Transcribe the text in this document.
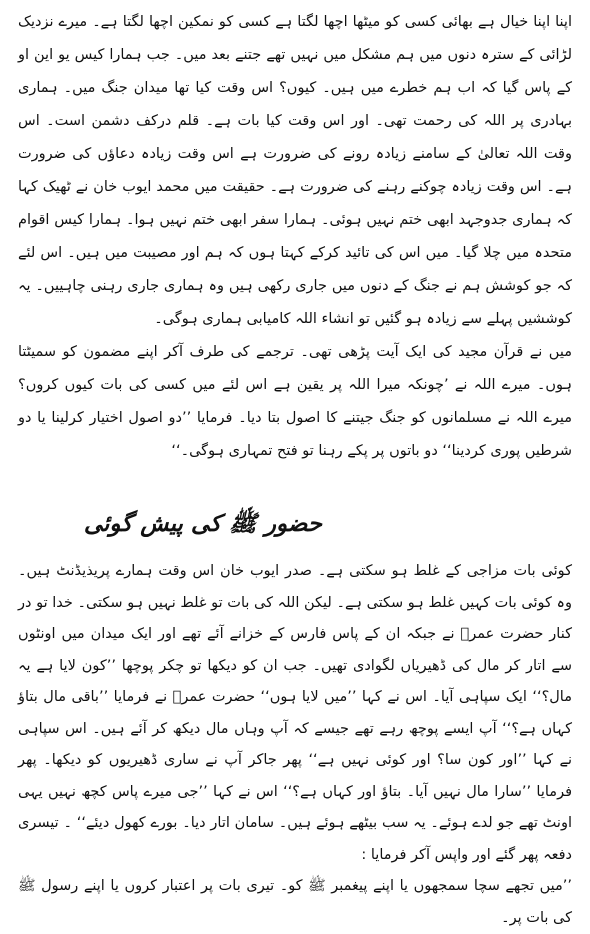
اپنا اپنا خیال ہے بھائی کسی کو میٹھا اچھا لگتا ہے کسی کو نمکین اچھا لگتا ہے۔ میرے نزدیک لڑائی کے سترہ دنوں میں ہم مشکل میں نہیں تھے جتنے بعد میں۔ جب ہمارا کیس یو این او کے پاس گیا کہ اب ہم خطرے میں ہیں۔ کیوں؟ اس وقت کیا تھا میدان جنگ میں۔ ہماری بہادری پر اللہ کی رحمت تھی۔ اور اس وقت کیا بات ہے۔ قلم درکف دشمن است۔ اس وقت اللہ تعالیٰ کے سامنے زیادہ رونے کی ضرورت ہے اس وقت زیادہ دعاؤں کی ضرورت ہے۔ اس وقت زیادہ چوکنے رہنے کی ضرورت ہے۔ حقیقت میں محمد ایوب خان نے ٹھیک کہا کہ ہماری جدوجہد ابھی ختم نہیں ہوئی۔ ہمارا سفر ابھی ختم نہیں ہوا۔ ہمارا کیس اقوام متحدہ میں چلا گیا۔ میں اس کی تائید کرکے کہتا ہوں کہ ہم اور مصیبت میں ہیں۔ اس لئے کہ جو کوشش ہم نے جنگ کے دنوں میں جاری رکھی ہیں وہ ہماری جاری رہنی چاہییں۔ یہ کوششیں پہلے سے زیادہ ہو گئیں تو انشاء اللہ کامیابی ہماری ہوگی۔

میں نے قرآن مجید کی ایک آیت پڑھی تھی۔ ترجمے کی طرف آکر اپنے مضمون کو سمیٹتا ہوں۔ میرے اللہ نے ’چونکہ میرا اللہ پر یقین ہے اس لئے میں کسی کی بات کیوں کروں؟ میرے اللہ نے مسلمانوں کو جنگ جیتنے کا اصول بتا دیا۔ فرمایا ’’دو اصول اختیار کرلینا یا دو شرطیں پوری کردینا‘‘ دو باتوں پر پکے رہنا تو فتح تمہاری ہوگی۔‘‘

حضور ﷺ کی پیش گوئی

کوئی بات مزاجی کے غلط ہو سکتی ہے۔ صدر ایوب خان اس وقت ہمارے پریذیڈنٹ ہیں۔ وہ کوئی بات کہیں غلط ہو سکتی ہے۔ لیکن اللہ کی بات تو غلط نہیں ہو سکتی۔ خدا تو در کنار حضرت عمرؓ نے جبکہ ان کے پاس فارس کے خزانے آئے تھے اور ایک میدان میں اونٹوں سے اتار کر مال کی ڈھیریاں لگوادی تھیں۔ جب ان کو دیکھا تو چکر پوچھا ’’کون لایا ہے یہ مال؟‘‘ ایک سپاہی آیا۔ اس نے کہا ’’میں لایا ہوں‘‘ حضرت عمرؓ نے فرمایا ’’باقی مال بتاؤ کہاں ہے؟‘‘ آپ ایسے پوچھ رہے تھے جیسے کہ آپ وہاں مال دیکھ کر آئے ہیں۔ اس سپاہی نے کہا ’’اور کون سا؟ اور کوئی نہیں ہے‘‘ پھر جاکر آپ نے ساری ڈھیریوں کو دیکھا۔ پھر فرمایا ’’سارا مال نہیں آیا۔ بتاؤ اور کہاں ہے؟‘‘ اس نے کہا ’’جی میرے پاس کچھ نہیں یہی اونٹ تھے جو لدے ہوئے۔ یہ سب بیٹھے ہوئے ہیں۔ سامان اتار دیا۔ بورے کھول دیئے‘‘ ۔ تیسری دفعہ پھر گئے اور واپس آکر فرمایا :

’’میں تجھے سچا سمجھوں یا اپنے پیغمبر ﷺ کو۔ تیری بات پر اعتبار کروں یا اپنے رسول ﷺ کی بات پر۔
